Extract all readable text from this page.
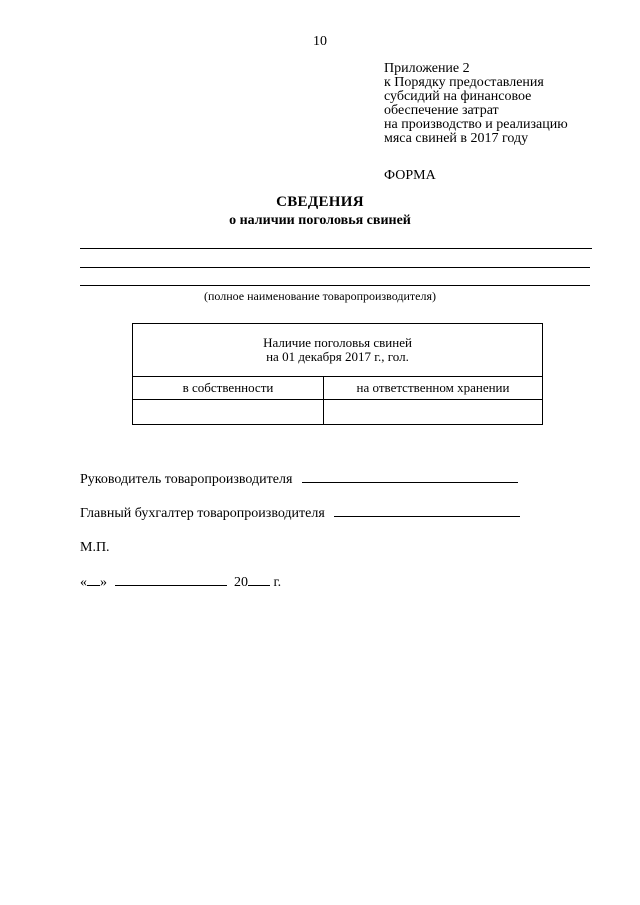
10
Приложение 2
к Порядку предоставления
субсидий на финансовое
обеспечение затрат
на производство и реализацию
мяса свиней в 2017 году
ФОРМА
СВЕДЕНИЯ
о наличии поголовья свиней
(полное наименование товаропроизводителя)
Наличие поголовья свиней
на 01 декабря 2017 г., гол.	

в собственности	на ответственном хранении

Руководитель товаропроизводителя
Главный бухгалтер товаропроизводителя
М.П.
« »	20 г.
